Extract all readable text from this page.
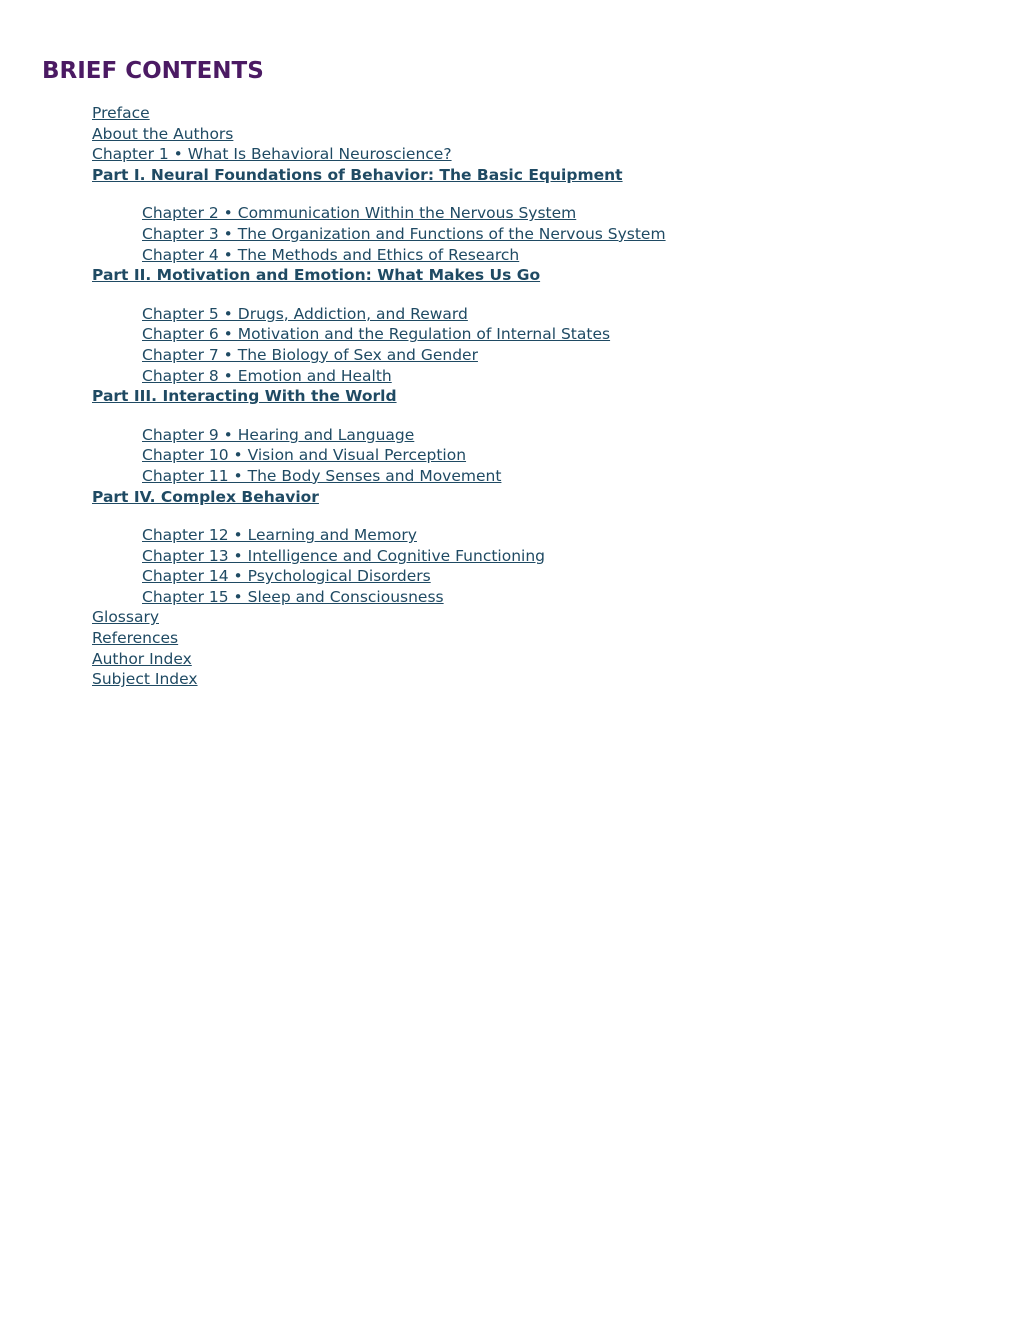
BRIEF CONTENTS
Preface
About the Authors
Chapter 1 • What Is Behavioral Neuroscience?
Part I. Neural Foundations of Behavior: The Basic Equipment
Chapter 2 • Communication Within the Nervous System
Chapter 3 • The Organization and Functions of the Nervous System
Chapter 4 • The Methods and Ethics of Research
Part II. Motivation and Emotion: What Makes Us Go
Chapter 5 • Drugs, Addiction, and Reward
Chapter 6 • Motivation and the Regulation of Internal States
Chapter 7 • The Biology of Sex and Gender
Chapter 8 • Emotion and Health
Part III. Interacting With the World
Chapter 9 • Hearing and Language
Chapter 10 • Vision and Visual Perception
Chapter 11 • The Body Senses and Movement
Part IV. Complex Behavior
Chapter 12 • Learning and Memory
Chapter 13 • Intelligence and Cognitive Functioning
Chapter 14 • Psychological Disorders
Chapter 15 • Sleep and Consciousness
Glossary
References
Author Index
Subject Index
